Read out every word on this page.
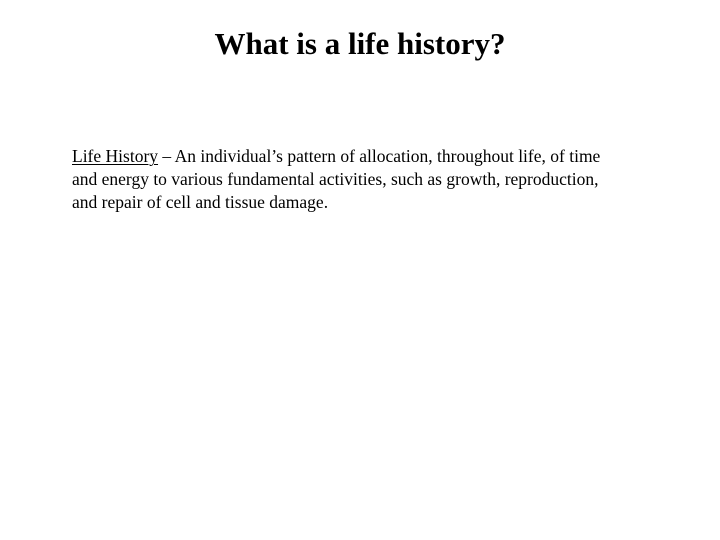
What is a life history?

Life History – An individual’s pattern of allocation, throughout life, of time
and energy to various fundamental activities, such as growth, reproduction,
and repair of cell and tissue damage.
